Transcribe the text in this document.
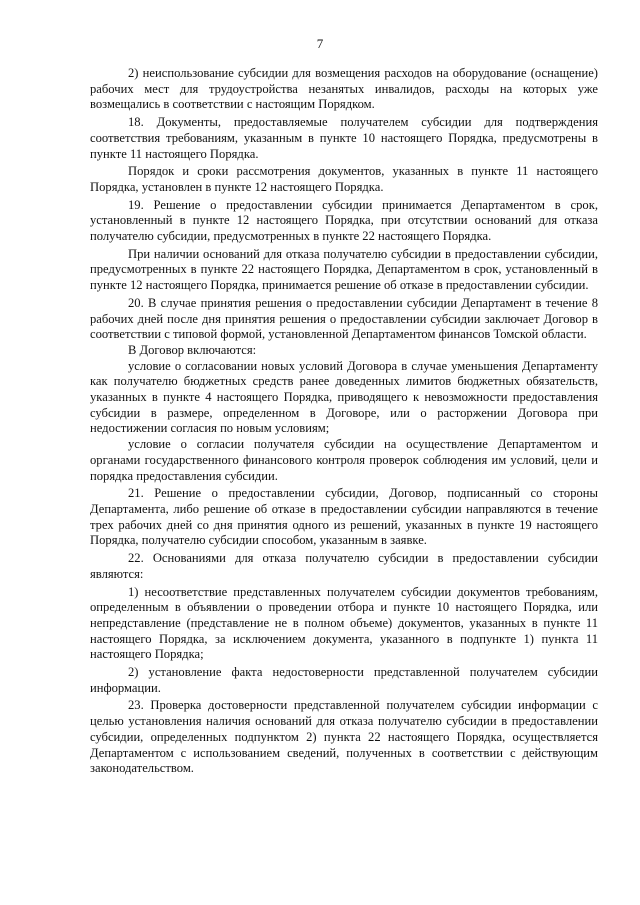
7

2) неиспользование субсидии для возмещения расходов на оборудование (оснащение) рабочих мест для трудоустройства незанятых инвалидов, расходы на которых уже возмещались в соответствии с настоящим Порядком.

18. Документы, предоставляемые получателем субсидии для подтверждения соответствия требованиям, указанным в пункте 10 настоящего Порядка, предусмотрены в пункте 11 настоящего Порядка.

Порядок и сроки рассмотрения документов, указанных в пункте 11 настоящего Порядка, установлен в пункте 12 настоящего Порядка.

19. Решение о предоставлении субсидии принимается Департаментом в срок, установленный в пункте 12 настоящего Порядка, при отсутствии оснований для отказа получателю субсидии, предусмотренных в пункте 22 настоящего Порядка.

При наличии оснований для отказа получателю субсидии в предоставлении субсидии, предусмотренных в пункте 22 настоящего Порядка, Департаментом в срок, установленный в пункте 12 настоящего Порядка, принимается решение об отказе в предоставлении субсидии.

20. В случае принятия решения о предоставлении субсидии Департамент в течение 8 рабочих дней после дня принятия решения о предоставлении субсидии заключает Договор в соответствии с типовой формой, установленной Департаментом финансов Томской области.

В Договор включаются:

условие о согласовании новых условий Договора в случае уменьшения Департаменту как получателю бюджетных средств ранее доведенных лимитов бюджетных обязательств, указанных в пункте 4 настоящего Порядка, приводящего к невозможности предоставления субсидии в размере, определенном в Договоре, или о расторжении Договора при недостижении согласия по новым условиям;

условие о согласии получателя субсидии на осуществление Департаментом и органами государственного финансового контроля проверок соблюдения им условий, цели и порядка предоставления субсидии.

21. Решение о предоставлении субсидии, Договор, подписанный со стороны Департамента, либо решение об отказе в предоставлении субсидии направляются в течение трех рабочих дней со дня принятия одного из решений, указанных в пункте 19 настоящего Порядка, получателю субсидии способом, указанным в заявке.

22. Основаниями для отказа получателю субсидии в предоставлении субсидии являются:

1) несоответствие представленных получателем субсидии документов требованиям, определенным в объявлении о проведении отбора и пункте 10 настоящего Порядка, или непредставление (представление не в полном объеме) документов, указанных в пункте 11 настоящего Порядка, за исключением документа, указанного в подпункте 1) пункта 11 настоящего Порядка;

2) установление факта недостоверности представленной получателем субсидии информации.

23. Проверка достоверности представленной получателем субсидии информации с целью установления наличия оснований для отказа получателю субсидии в предоставлении субсидии, определенных подпунктом 2) пункта 22 настоящего Порядка, осуществляется Департаментом с использованием сведений, полученных в соответствии с действующим законодательством.
